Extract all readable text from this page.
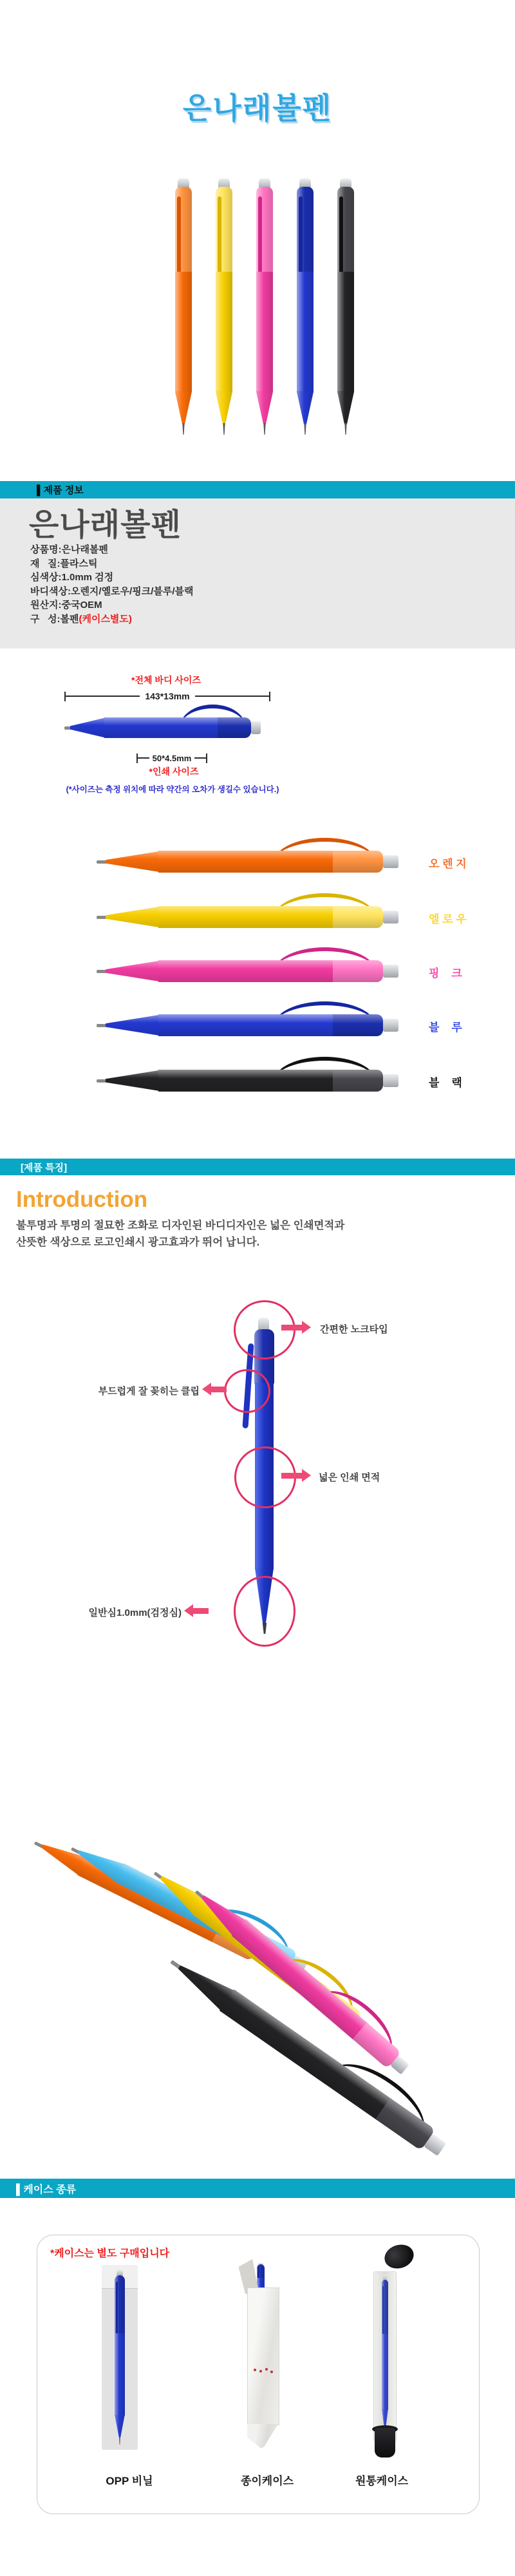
은나래볼펜
▌제품 정보
은나래볼펜
상품명:은나래볼펜
재   질:플라스틱
심색상:1.0mm 검정
바디색상:오렌지/옐로우/핑크/블루/블랙
원산지:중국OEM
구   성:볼펜(케이스별도)
*전체 바디 사이즈
143*13mm
50*4.5mm
*인쇄 사이즈
(*사이즈는 측정 위치에 따라 약간의 오차가 생길수 있습니다.)
오 렌 지
엘 로 우
핑    크
블    루
블    랙
[제품 특징]
Introduction
불투명과 투명의 절묘한 조화로 디자인된 바디디자인은 넓은 인쇄면적과
산뜻한 색상으로 로고인쇄시 광고효과가 뛰어 납니다.
간편한 노크타입
부드럽게 잘 꽂히는 클립
넓은 인쇄 면적
일반심1.0mm(검정심)
▌케이스 종류
*케이스는 별도 구매입니다
OPP 비닐	종이케이스	원통케이스
